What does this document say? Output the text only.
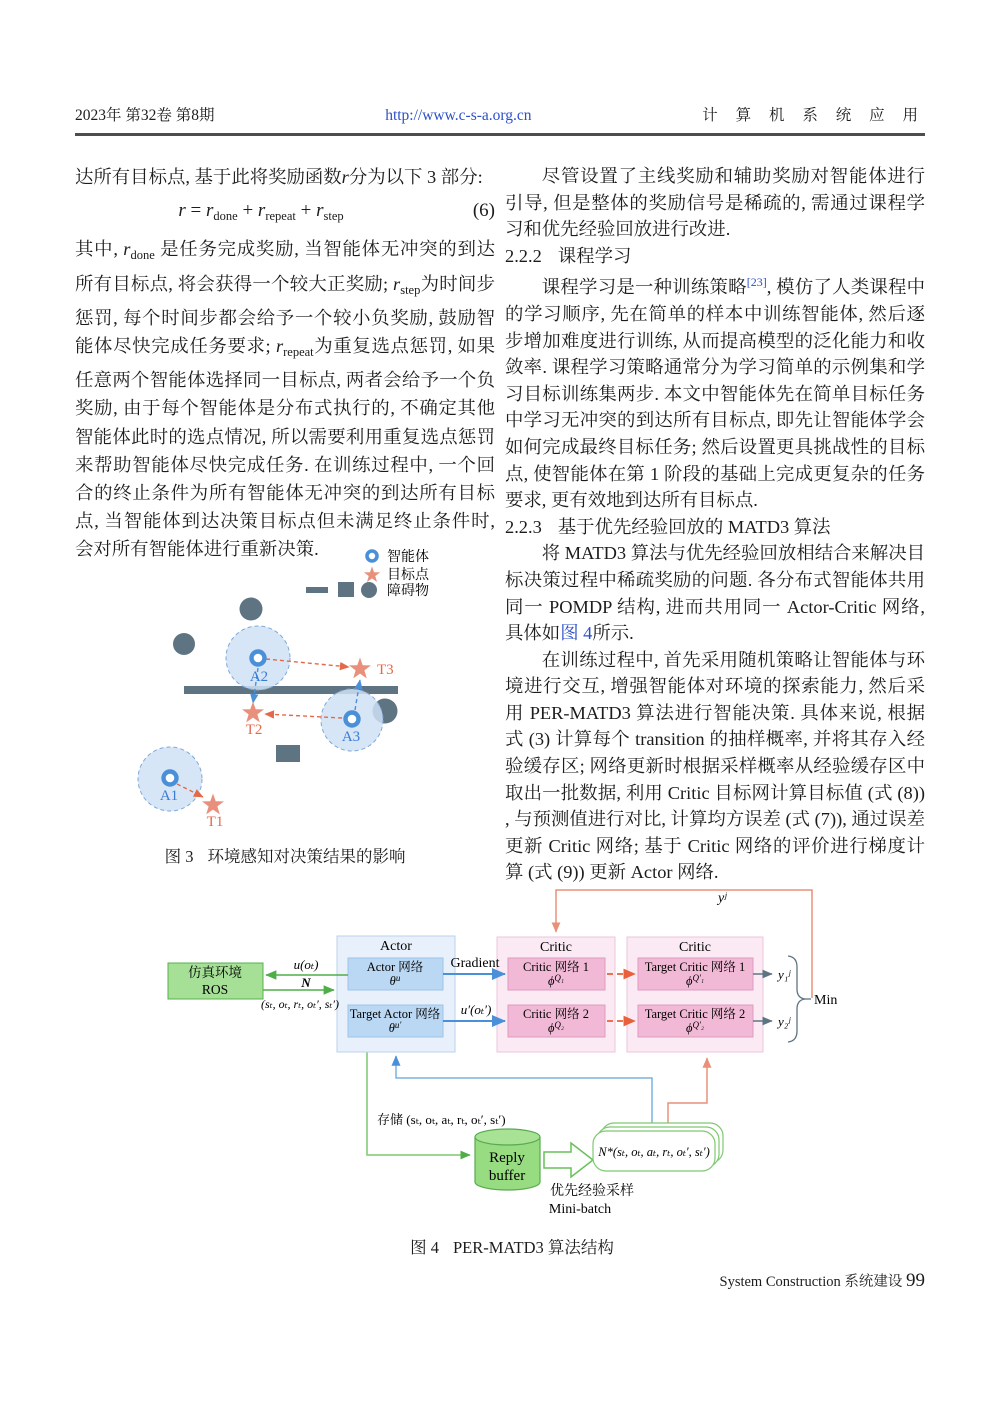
2023年 第32卷 第8期	http://www.c-s-a.org.cn	计 算 机 系 统 应 用

达所有目标点, 基于此将奖励函数r分为以下 3 部分:

$r = r_{done} + r_{repeat} + r_{step}$	(6)

其中, $r_{done}$ 是任务完成奖励, 当智能体无冲突的到达所有目标点, 将会获得一个较大正奖励; $r_{step}$为时间步惩罚, 每个时间步都会给予一个较小负奖励, 鼓励智能体尽快完成任务要求; $r_{repeat}$为重复选点惩罚, 如果任意两个智能体选择同一目标点, 两者会给予一个负奖励, 由于每个智能体是分布式执行的, 不确定其他智能体此时的选点情况, 所以需要利用重复选点惩罚来帮助智能体尽快完成任务. 在训练过程中, 一个回合的终止条件为所有智能体无冲突的到达所有目标点, 当智能体到达决策目标点但未满足终止条件时, 会对所有智能体进行重新决策.	智能体
目标点
障碍物
A2
A3
A1
T3
T2
T1
图 3 环境感知对决策结果的影响

尽管设置了主线奖励和辅助奖励对智能体进行引导, 但是整体的奖励信号是稀疏的, 需通过课程学习和优先经验回放进行改进.

2.2.2 课程学习

课程学习是一种训练策略[23], 模仿了人类课程中的学习顺序, 先在简单的样本中训练智能体, 然后逐步增加难度进行训练, 从而提高模型的泛化能力和收敛率. 课程学习策略通常分为学习简单的示例集和学习目标训练集两步. 本文中智能体先在简单目标任务中学习无冲突的到达所有目标点, 即先让智能体学会如何完成最终目标任务; 然后设置更具挑战性的目标点, 使智能体在第 1 阶段的基础上完成更复杂的任务要求, 更有效地到达所有目标点.

2.2.3 基于优先经验回放的 MATD3 算法

将 MATD3 算法与优先经验回放相结合来解决目标决策过程中稀疏奖励的问题. 各分布式智能体共用同一 POMDP 结构, 进而共用同一 Actor-Critic 网络, 具体如图 4所示.

在训练过程中, 首先采用随机策略让智能体与环境进行交互, 增强智能体对环境的探索能力, 然后采用 PER-MATD3 算法进行智能决策. 具体来说, 根据式 (3) 计算每个 transition 的抽样概率, 并将其存入经验缓存区; 网络更新时根据采样概率从经验缓存区中取出一批数据, 利用 Critic 目标网计算目标值 (式 (8)) , 与预测值进行对比, 计算均方误差 (式 (7)), 通过误差更新 Critic 网络; 基于 Critic 网络的评价进行梯度计算 (式 (9)) 更新 Actor 网络.

yʲ
仿真环境
ROS
Actor
Actor 网络
$\theta^u$
Target Actor 网络
$\theta^{u'}$
Critic
Critic 网络 1
$\phi^{Q_1}$
Critic 网络 2
$\phi^{Q_2}$
Critic
Target Critic 网络 1
$\phi^{Q'_1}$
Target Critic 网络 2
$\phi^{Q'_2}$
u(oₜ)
N
(sₜ, oₜ, rₜ, oₜ′, sₜ′)
Gradient
u′(oₜ′)
y₁ʲ
y₂ʲ
Min
存储 (sₜ, oₜ, aₜ, rₜ, oₜ′, sₜ′)
Reply
buffer
N*(sₜ, oₜ, aₜ, rₜ, oₜ′, sₜ′)
优先经验采样
Mini-batch
图 4 PER-MATD3 算法结构
System Construction 系统建设 99
